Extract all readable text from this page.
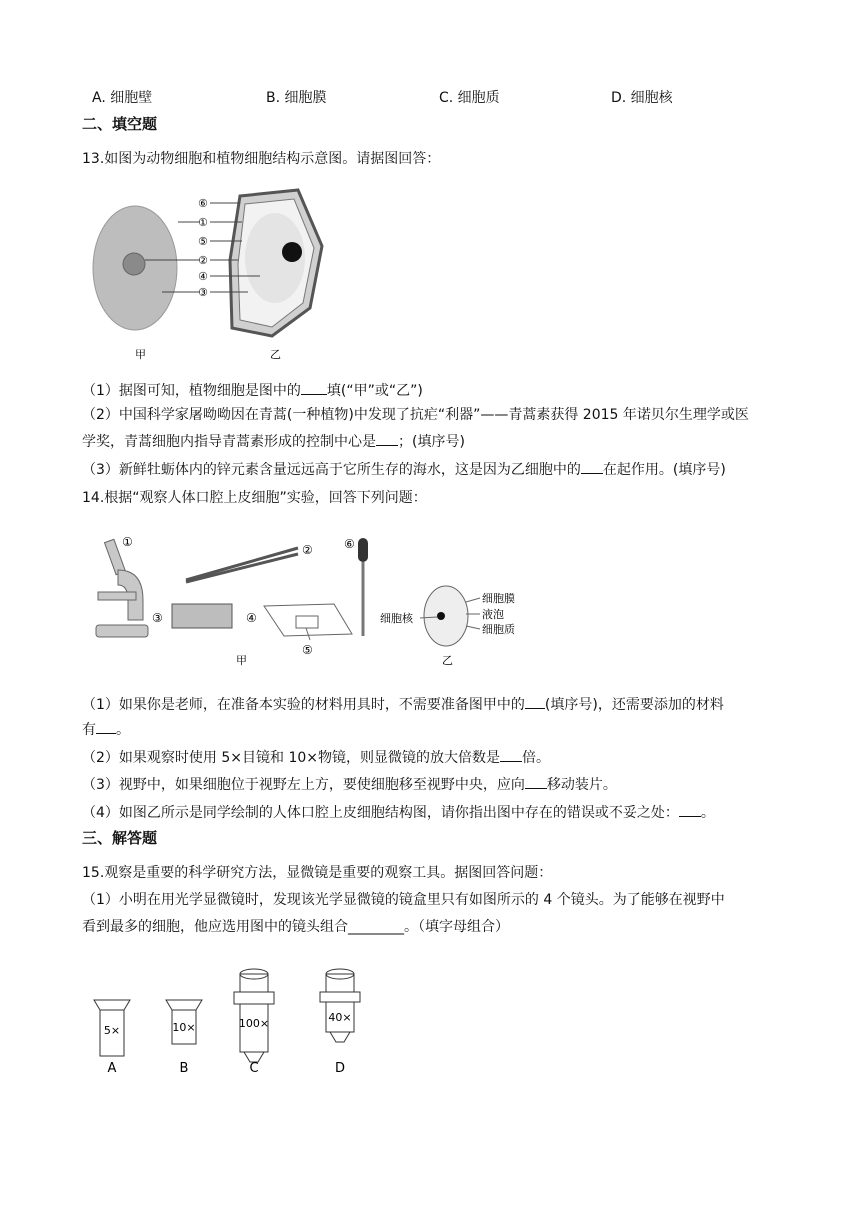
A. 细胞壁	B. 细胞膜	C. 细胞质	D. 细胞核
二、填空题
13.如图为动物细胞和植物细胞结构示意图。请据图回答：
⑥
①
⑤
②
④
③
甲	乙
（1）据图可知，植物细胞是图中的 填(“甲”或“乙”)
（2）中国科学家屠呦呦因在青蒿(一种植物)中发现了抗疟“利器”——青蒿素获得 2015 年诺贝尔生理学或医
学奖，青蒿细胞内指导青蒿素形成的控制中心是 ；(填序号)
（3）新鲜牡蛎体内的锌元素含量远远高于它所生存的海水，这是因为乙细胞中的 在起作用。(填序号)
14.根据“观察人体口腔上皮细胞”实验，回答下列问题：
①
②
③	④
⑤
⑥
细胞核
细胞膜
液泡
细胞质
甲	乙
（1）如果你是老师，在准备本实验的材料用具时，不需要准备图甲中的 (填序号)，还需要添加的材料
有 。
（2）如果观察时使用 5×目镜和 10×物镜，则显微镜的放大倍数是 倍。
（3）视野中，如果细胞位于视野左上方，要使细胞移至视野中央，应向 移动装片。
（4）如图乙所示是同学绘制的人体口腔上皮细胞结构图，请你指出图中存在的错误或不妥之处： 。
三、解答题
15.观察是重要的科学研究方法，显微镜是重要的观察工具。据图回答问题：
（1）小明在用光学显微镜时，发现该光学显微镜的镜盒里只有如图所示的 4 个镜头。为了能够在视野中
看到最多的细胞，他应选用图中的镜头组合________。（填字母组合）
5×
A
10×
B
100×
C
40×
D
